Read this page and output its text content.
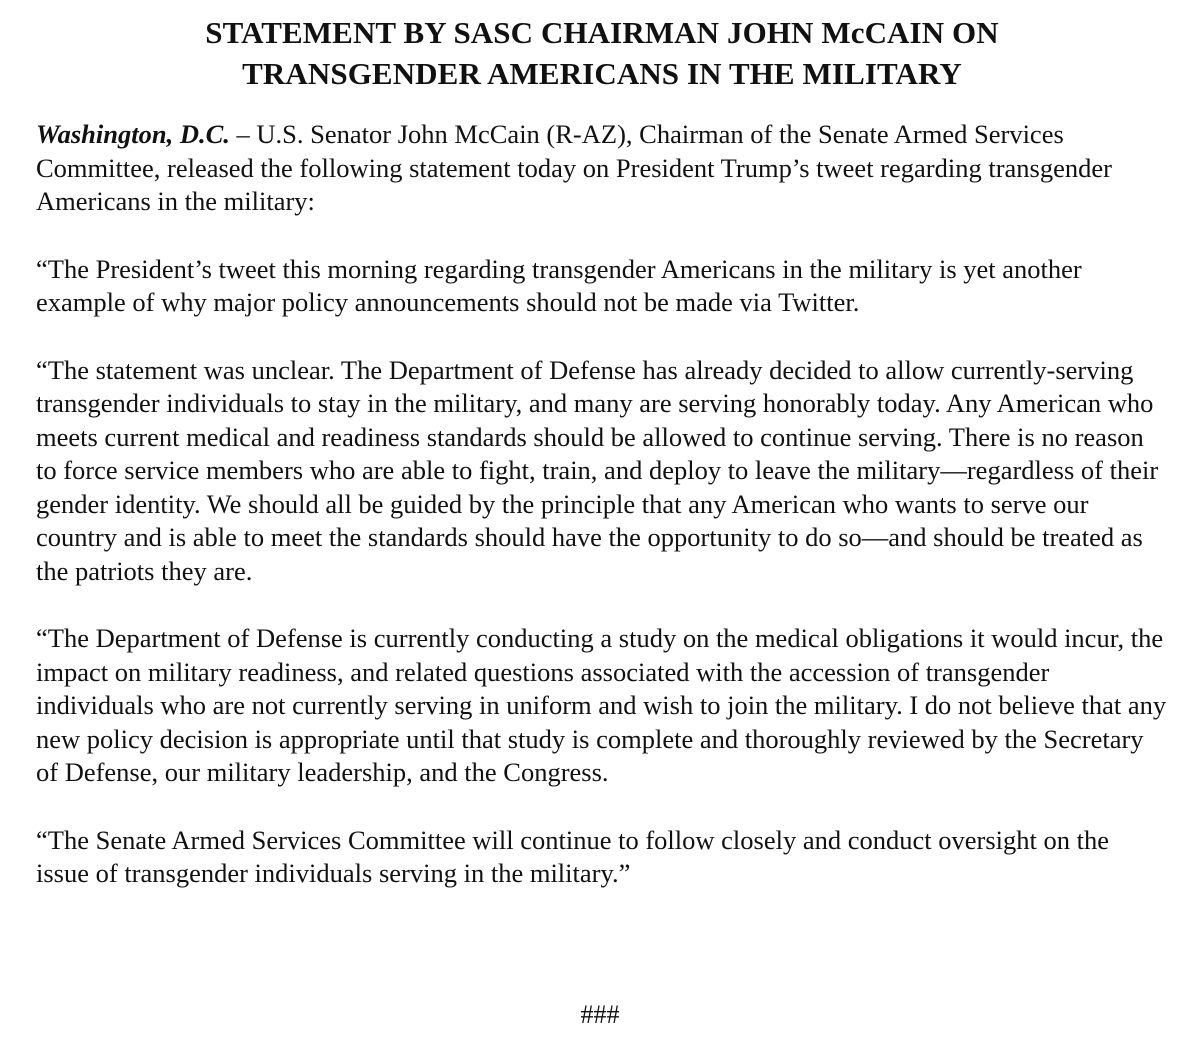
STATEMENT BY SASC CHAIRMAN JOHN McCAIN ON
TRANSGENDER AMERICANS IN THE MILITARY

Washington, D.C. – U.S. Senator John McCain (R-AZ), Chairman of the Senate Armed Services Committee, released the following statement today on President Trump’s tweet regarding transgender Americans in the military:

“The President’s tweet this morning regarding transgender Americans in the military is yet another example of why major policy announcements should not be made via Twitter.

“The statement was unclear. The Department of Defense has already decided to allow currently-serving transgender individuals to stay in the military, and many are serving honorably today. Any American who meets current medical and readiness standards should be allowed to continue serving. There is no reason to force service members who are able to fight, train, and deploy to leave the military—regardless of their gender identity. We should all be guided by the principle that any American who wants to serve our country and is able to meet the standards should have the opportunity to do so—and should be treated as the patriots they are.

“The Department of Defense is currently conducting a study on the medical obligations it would incur, the impact on military readiness, and related questions associated with the accession of transgender individuals who are not currently serving in uniform and wish to join the military. I do not believe that any new policy decision is appropriate until that study is complete and thoroughly reviewed by the Secretary of Defense, our military leadership, and the Congress.

“The Senate Armed Services Committee will continue to follow closely and conduct oversight on the issue of transgender individuals serving in the military.”

###
